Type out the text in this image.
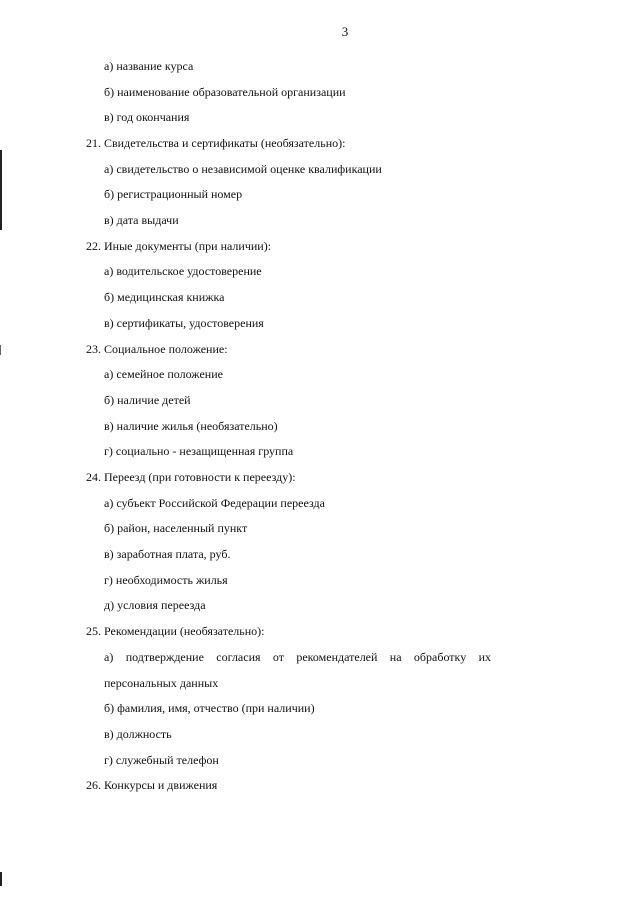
3
а) название курса
б) наименование образовательной организации
в) год окончания
21. Свидетельства и сертификаты (необязательно):
а) свидетельство о независимой оценке квалификации
б) регистрационный номер
в) дата выдачи
22. Иные документы (при наличии):
а) водительское удостоверение
б) медицинская книжка
в) сертификаты, удостоверения
23. Социальное положение:
а) семейное положение
б) наличие детей
в) наличие жилья (необязательно)
г) социально - незащищенная группа
24. Переезд (при готовности к переезду):
а) субъект Российской Федерации переезда
б) район, населенный пункт
в) заработная плата, руб.
г) необходимость жилья
д) условия переезда
25. Рекомендации (необязательно):
а) подтверждение согласия от рекомендателей на обработку их
персональных данных
б) фамилия, имя, отчество (при наличии)
в) должность
г) служебный телефон
26. Конкурсы и движения
